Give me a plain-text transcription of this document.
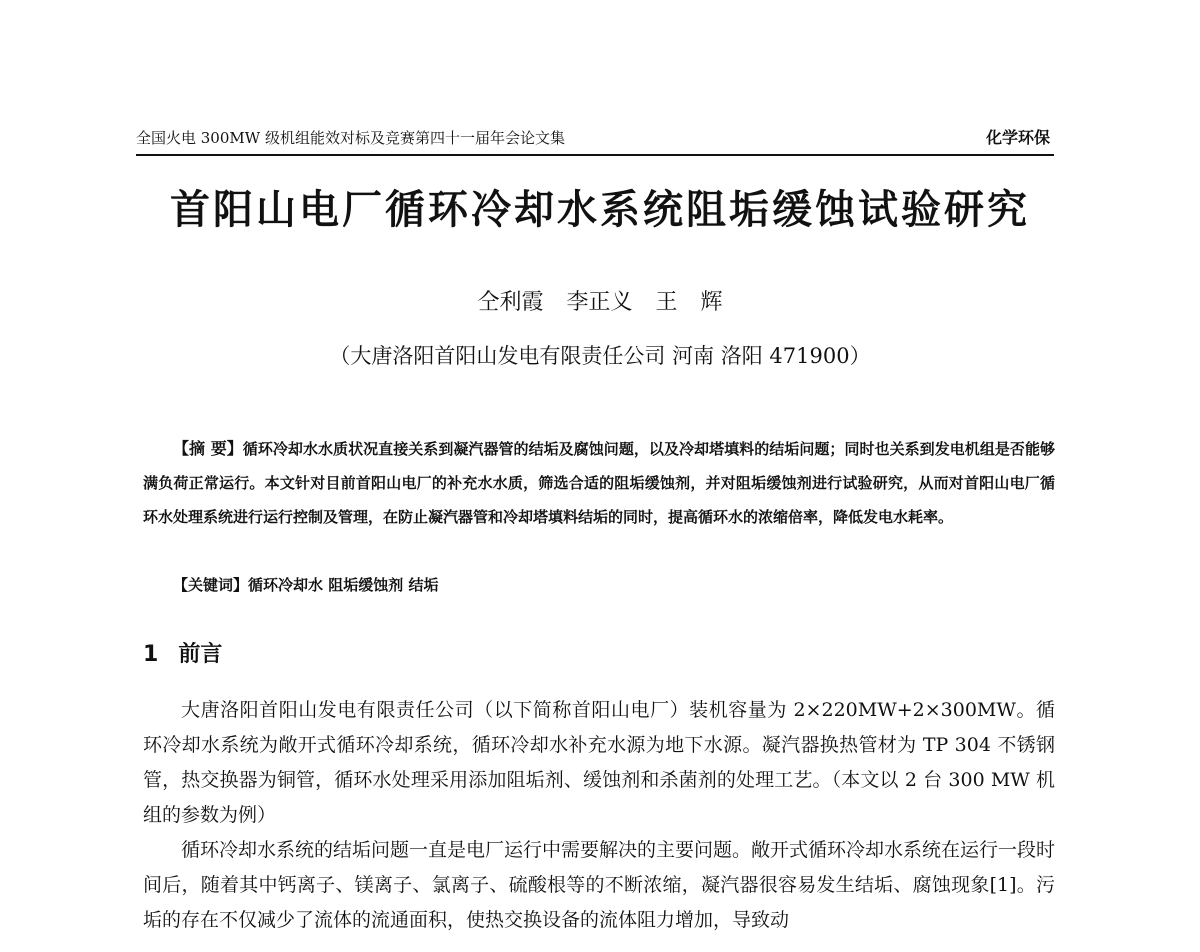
全国火电 300MW 级机组能效对标及竞赛第四十一届年会论文集	化学环保
首阳山电厂循环冷却水系统阻垢缓蚀试验研究
仝利霞 李正义 王 辉
（大唐洛阳首阳山发电有限责任公司 河南 洛阳 471900）
【摘 要】循环冷却水水质状况直接关系到凝汽器管的结垢及腐蚀问题，以及冷却塔填料的结垢问题；同时也关系到发电机组是否能够满负荷正常运行。本文针对目前首阳山电厂的补充水水质，筛选合适的阻垢缓蚀剂，并对阻垢缓蚀剂进行试验研究，从而对首阳山电厂循环水处理系统进行运行控制及管理，在防止凝汽器管和冷却塔填料结垢的同时，提高循环水的浓缩倍率，降低发电水耗率。
【关键词】循环冷却水 阻垢缓蚀剂 结垢
1 前言

大唐洛阳首阳山发电有限责任公司（以下简称首阳山电厂）装机容量为 2×220MW+2×300MW。循环冷却水系统为敞开式循环冷却系统，循环冷却水补充水源为地下水源。凝汽器换热管材为 TP 304 不锈钢管，热交换器为铜管，循环水处理采用添加阻垢剂、缓蚀剂和杀菌剂的处理工艺。（本文以 2 台 300 MW 机组的参数为例）

循环冷却水系统的结垢问题一直是电厂运行中需要解决的主要问题。敞开式循环冷却水系统在运行一段时间后，随着其中钙离子、镁离子、氯离子、硫酸根等的不断浓缩，凝汽器很容易发生结垢、腐蚀现象[1]。污垢的存在不仅减少了流体的流通面积，使热交换设备的流体阻力增加，导致动
